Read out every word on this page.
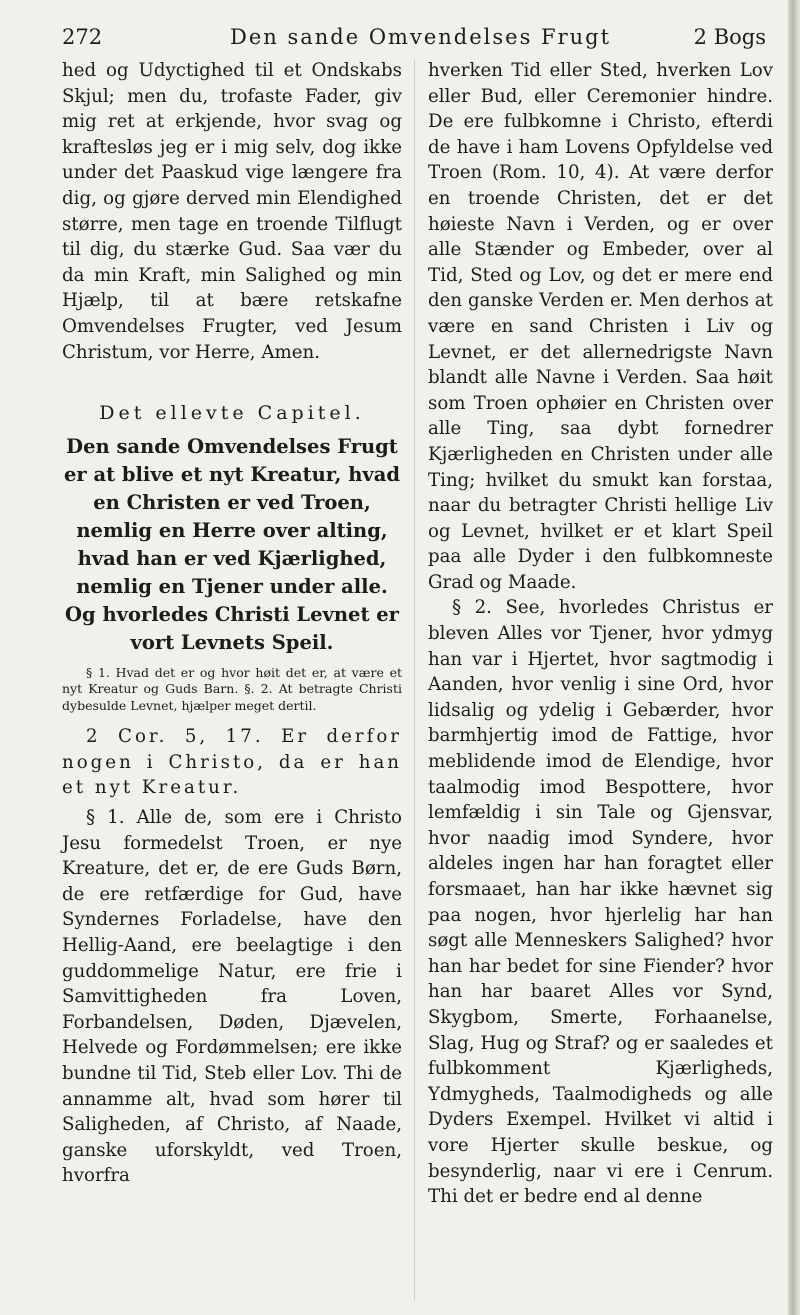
272	Den sande Omvendelses Frugt	2 Bogs

hed og Udyctighed til et Ondskabs Skjul; men du, trofaste Fader, giv mig ret at erkjende, hvor svag og kraftesløs jeg er i mig selv, dog ikke under det Paaskud vige længere fra dig, og gjøre derved min Elendighed større, men tage en troende Tilflugt til dig, du stærke Gud. Saa vær du da min Kraft, min Salighed og min Hjælp, til at bære retskafne Omvendelses Frugter, ved Jesum Christum, vor Herre, Amen.

Det ellevte Capitel.

Den sande Omvendelses Frugt er at blive et nyt Kreatur, hvad en Christen er ved Troen, nemlig en Herre over alting, hvad han er ved Kjærlighed, nemlig en Tjener under alle. Og hvorledes Christi Levnet er vort Levnets Speil.

§ 1. Hvad det er og hvor høit det er, at være et nyt Kreatur og Guds Barn. §. 2. At betragte Christi dybesulde Levnet, hjælper meget dertil.

2 Cor. 5, 17. Er derfor nogen i Christo, da er han et nyt Kreatur.

§ 1. Alle de, som ere i Christo Jesu formedelst Troen, er nye Kreature, det er, de ere Guds Børn, de ere retfærdige for Gud, have Syndernes Forladelse, have den Hellig-Aand, ere beelagtige i den guddommelige Natur, ere frie i Samvittigheden fra Loven, Forbandelsen, Døden, Djævelen, Helvede og Fordømmelsen; ere ikke bundne til Tid, Steb eller Lov. Thi de annamme alt, hvad som hører til Saligheden, af Christo, af Naade, ganske uforskyldt, ved Troen, hvorfra

hverken Tid eller Sted, hverken Lov eller Bud, eller Ceremonier hindre. De ere fulbkomne i Christo, efterdi de have i ham Lovens Opfyldelse ved Troen (Rom. 10, 4). At være derfor en troende Christen, det er det høieste Navn i Verden, og er over alle Stænder og Embeder, over al Tid, Sted og Lov, og det er mere end den ganske Verden er. Men derhos at være en sand Christen i Liv og Levnet, er det allernedrigste Navn blandt alle Navne i Verden. Saa høit som Troen ophøier en Christen over alle Ting, saa dybt fornedrer Kjærligheden en Christen under alle Ting; hvilket du smukt kan forstaa, naar du betragter Christi hellige Liv og Levnet, hvilket er et klart Speil paa alle Dyder i den fulbkomneste Grad og Maade.

§ 2. See, hvorledes Christus er bleven Alles vor Tjener, hvor ydmyg han var i Hjertet, hvor sagtmodig i Aanden, hvor venlig i sine Ord, hvor lidsalig og ydelig i Gebærder, hvor barmhjertig imod de Fattige, hvor meblidende imod de Elendige, hvor taalmodig imod Bespottere, hvor lemfældig i sin Tale og Gjensvar, hvor naadig imod Syndere, hvor aldeles ingen har han foragtet eller forsmaaet, han har ikke hævnet sig paa nogen, hvor hjerlelig har han søgt alle Menneskers Salighed? hvor han har bedet for sine Fiender? hvor han har baaret Alles vor Synd, Skygbom, Smerte, Forhaanelse, Slag, Hug og Straf? og er saaledes et fulbkomment Kjærligheds, Ydmygheds, Taalmodigheds og alle Dyders Exempel. Hvilket vi altid i vore Hjerter skulle beskue, og besynderlig, naar vi ere i Cenrum. Thi det er bedre end al denne
